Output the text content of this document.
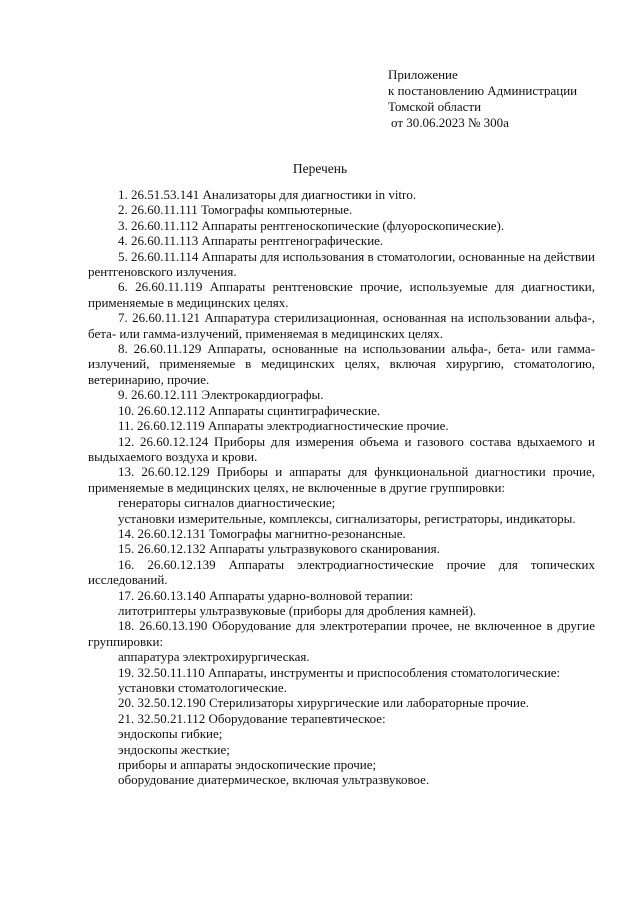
Приложение
к постановлению Администрации
Томской области
от 30.06.2023 № 300а
Перечень

1. 26.51.53.141 Анализаторы для диагностики in vitro.

2. 26.60.11.111 Томографы компьютерные.

3. 26.60.11.112 Аппараты рентгеноскопические (флуороскопические).

4. 26.60.11.113 Аппараты рентгенографические.

5. 26.60.11.114 Аппараты для использования в стоматологии, основанные на действии рентгеновского излучения.

6. 26.60.11.119 Аппараты рентгеновские прочие, используемые для диагностики, применяемые в медицинских целях.

7. 26.60.11.121 Аппаратура стерилизационная, основанная на использовании альфа-, бета- или гамма-излучений, применяемая в медицинских целях.

8. 26.60.11.129 Аппараты, основанные на использовании альфа-, бета- или гамма-излучений, применяемые в медицинских целях, включая хирургию, стоматологию, ветеринарию, прочие.

9. 26.60.12.111 Электрокардиографы.

10. 26.60.12.112 Аппараты сцинтиграфические.

11. 26.60.12.119 Аппараты электродиагностические прочие.

12. 26.60.12.124 Приборы для измерения объема и газового состава вдыхаемого и выдыхаемого воздуха и крови.

13. 26.60.12.129 Приборы и аппараты для функциональной диагностики прочие, применяемые в медицинских целях, не включенные в другие группировки:

генераторы сигналов диагностические;

установки измерительные, комплексы, сигнализаторы, регистраторы, индикаторы.

14. 26.60.12.131 Томографы магнитно-резонансные.

15. 26.60.12.132 Аппараты ультразвукового сканирования.

16. 26.60.12.139 Аппараты электродиагностические прочие для топических исследований.

17. 26.60.13.140 Аппараты ударно-волновой терапии:

литотриптеры ультразвуковые (приборы для дробления камней).

18. 26.60.13.190 Оборудование для электротерапии прочее, не включенное в другие группировки:

аппаратура электрохирургическая.

19. 32.50.11.110 Аппараты, инструменты и приспособления стоматологические:

установки стоматологические.

20. 32.50.12.190 Стерилизаторы хирургические или лабораторные прочие.

21. 32.50.21.112 Оборудование терапевтическое:

эндоскопы гибкие;

эндоскопы жесткие;

приборы и аппараты эндоскопические прочие;

оборудование диатермическое, включая ультразвуковое.
